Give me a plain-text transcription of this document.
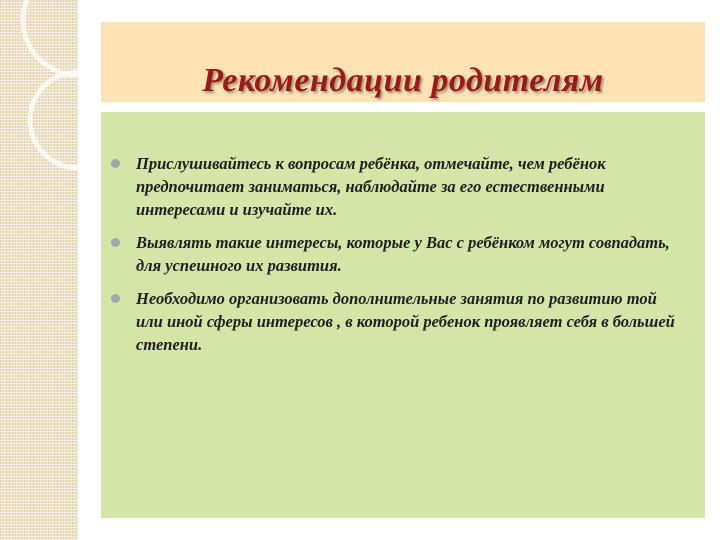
Рекомендации родителям
Прислушивайтесь к вопросам ребёнка, отмечайте, чем ребёнок предпочитает заниматься, наблюдайте за его естественными интересами и изучайте их.
Выявлять такие интересы, которые у Вас с ребёнком могут совпадать, для успешного их развития.
Необходимо организовать дополнительные занятия по развитию той или иной сферы интересов , в которой ребенок проявляет себя в большей степени.
